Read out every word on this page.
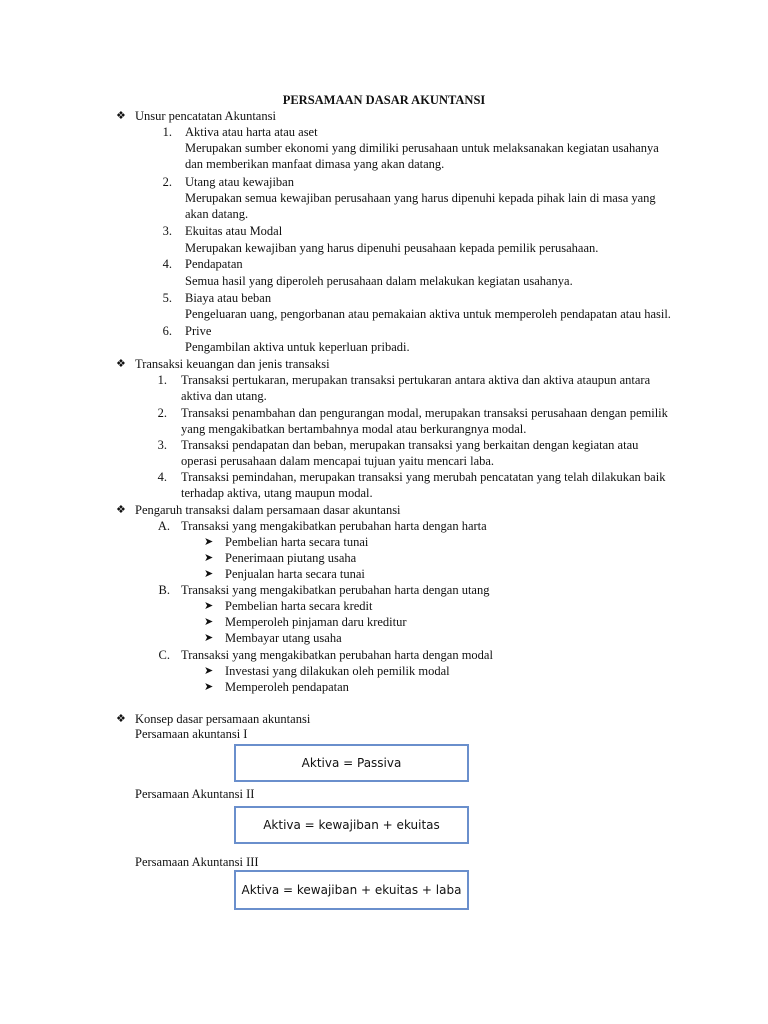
PERSAMAAN DASAR AKUNTANSI
❖ Unsur pencatatan Akuntansi
1. Aktiva atau harta atau aset
Merupakan sumber ekonomi yang dimiliki perusahaan untuk melaksanakan kegiatan usahanya
dan memberikan manfaat dimasa yang akan datang.
2. Utang atau kewajiban
Merupakan semua kewajiban perusahaan yang harus dipenuhi kepada pihak lain di masa yang
akan datang.
3. Ekuitas atau Modal
Merupakan kewajiban yang harus dipenuhi peusahaan kepada pemilik perusahaan.
4. Pendapatan
Semua hasil yang diperoleh perusahaan dalam melakukan kegiatan usahanya.
5. Biaya atau beban
Pengeluaran uang, pengorbanan atau pemakaian aktiva untuk memperoleh pendapatan atau hasil.
6. Prive
Pengambilan aktiva untuk keperluan pribadi.
❖ Transaksi keuangan dan jenis transaksi
1. Transaksi pertukaran, merupakan transaksi pertukaran antara aktiva dan aktiva ataupun antara
aktiva dan utang.
2. Transaksi penambahan dan pengurangan modal, merupakan transaksi perusahaan dengan pemilik
yang mengakibatkan bertambahnya modal atau berkurangnya modal.
3. Transaksi pendapatan dan beban, merupakan transaksi yang berkaitan dengan kegiatan atau
operasi perusahaan dalam mencapai tujuan yaitu mencari laba.
4. Transaksi pemindahan, merupakan transaksi yang merubah pencatatan yang telah dilakukan baik
terhadap aktiva, utang maupun modal.
❖ Pengaruh transaksi dalam persamaan dasar akuntansi
A. Transaksi yang mengakibatkan perubahan harta dengan harta
➤ Pembelian harta secara tunai
➤ Penerimaan piutang usaha
➤ Penjualan harta secara tunai
B. Transaksi yang mengakibatkan perubahan harta dengan utang
➤ Pembelian harta secara kredit
➤ Memperoleh pinjaman daru kreditur
➤ Membayar utang usaha
C. Transaksi yang mengakibatkan perubahan harta dengan modal
➤ Investasi yang dilakukan oleh pemilik modal
➤ Memperoleh pendapatan
❖ Konsep dasar persamaan akuntansi
Persamaan akuntansi I
Aktiva = Passiva
Persamaan Akuntansi II
Aktiva = kewajiban + ekuitas
Persamaan Akuntansi III
Aktiva = kewajiban + ekuitas + laba
